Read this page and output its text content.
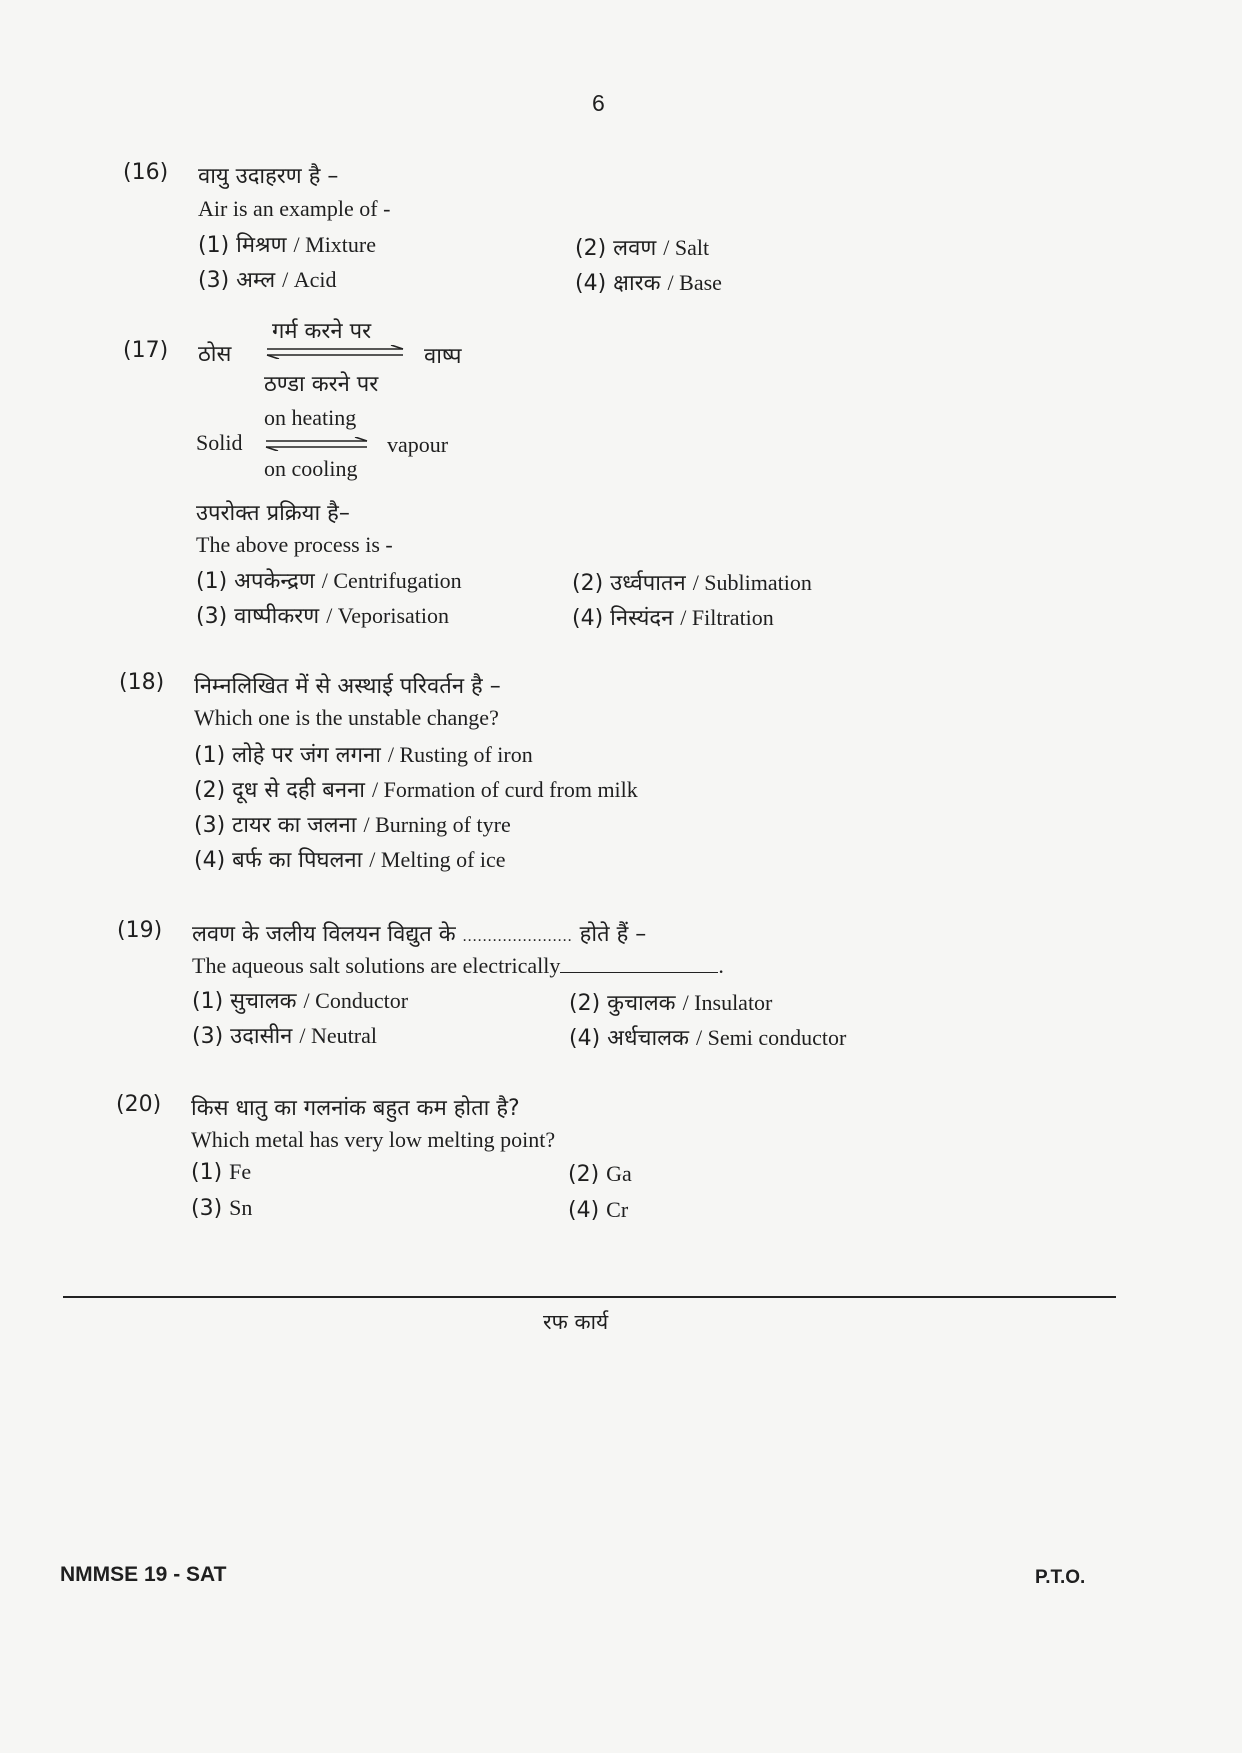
6
(16) वायु उदाहरण है –
Air is an example of -
(1) मिश्रण / Mixture	(2) लवण / Salt
(3) अम्ल / Acid	(4) क्षारक / Base
(17) ठोस
गर्म करने पर
ठण्डा करने पर
वाष्प
on heating
Solid	vapour
on cooling
उपरोक्त प्रक्रिया है–
The above process is -
(1) अपकेन्द्रण / Centrifugation	(2) उर्ध्वपातन / Sublimation
(3) वाष्पीकरण / Veporisation	(4) निस्यंदन / Filtration
(18) निम्नलिखित में से अस्थाई परिवर्तन है –
Which one is the unstable change?
(1) लोहे पर जंग लगना / Rusting of iron
(2) दूध से दही बनना / Formation of curd from milk
(3) टायर का जलना / Burning of tyre
(4) बर्फ का पिघलना / Melting of ice
(19) लवण के जलीय विलयन विद्युत के ...................... होते हैं –
The aqueous salt solutions are electrically	.
(1) सुचालक / Conductor	(2) कुचालक / Insulator
(3) उदासीन / Neutral	(4) अर्धचालक / Semi conductor
(20) किस धातु का गलनांक बहुत कम होता है?
Which metal has very low melting point?
(1) Fe	(2) Ga
(3) Sn	(4) Cr
रफ कार्य
NMMSE 19 - SAT	P.T.O.
